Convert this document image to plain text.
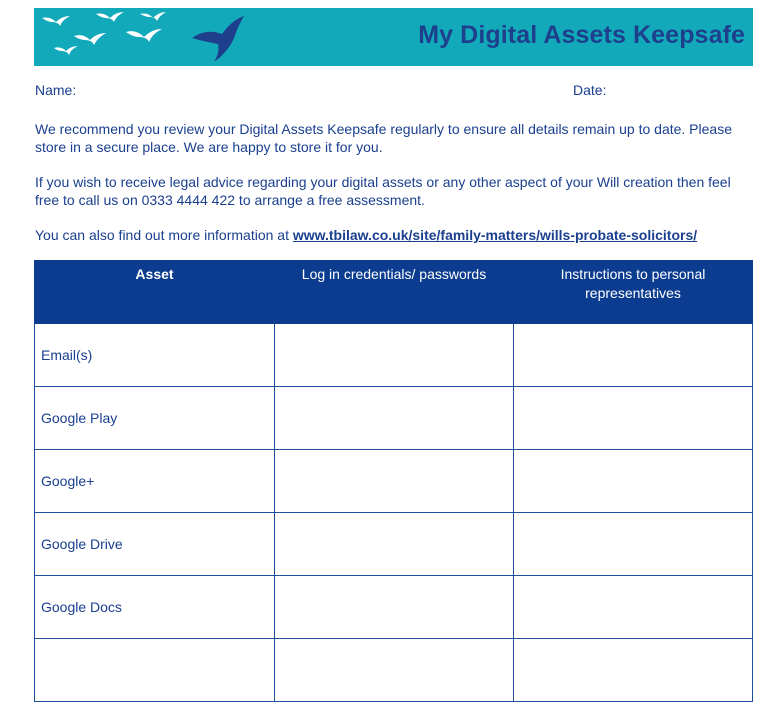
My Digital Assets Keepsafe
Name:	Date:
We recommend you review your Digital Assets Keepsafe regularly to ensure all details remain up to date. Please store in a secure place. We are happy to store it for you.
If you wish to receive legal advice regarding your digital assets or any other aspect of your Will creation then feel free to call us on 0333 4444 422 to arrange a free assessment.
You can also find out more information at www.tbilaw.co.uk/site/family-matters/wills-probate-solicitors/
Asset	Log in credentials/ passwords	Instructions to personal representatives
Email(s)		
Google Play		
Google+		
Google Drive		
Google Docs		
